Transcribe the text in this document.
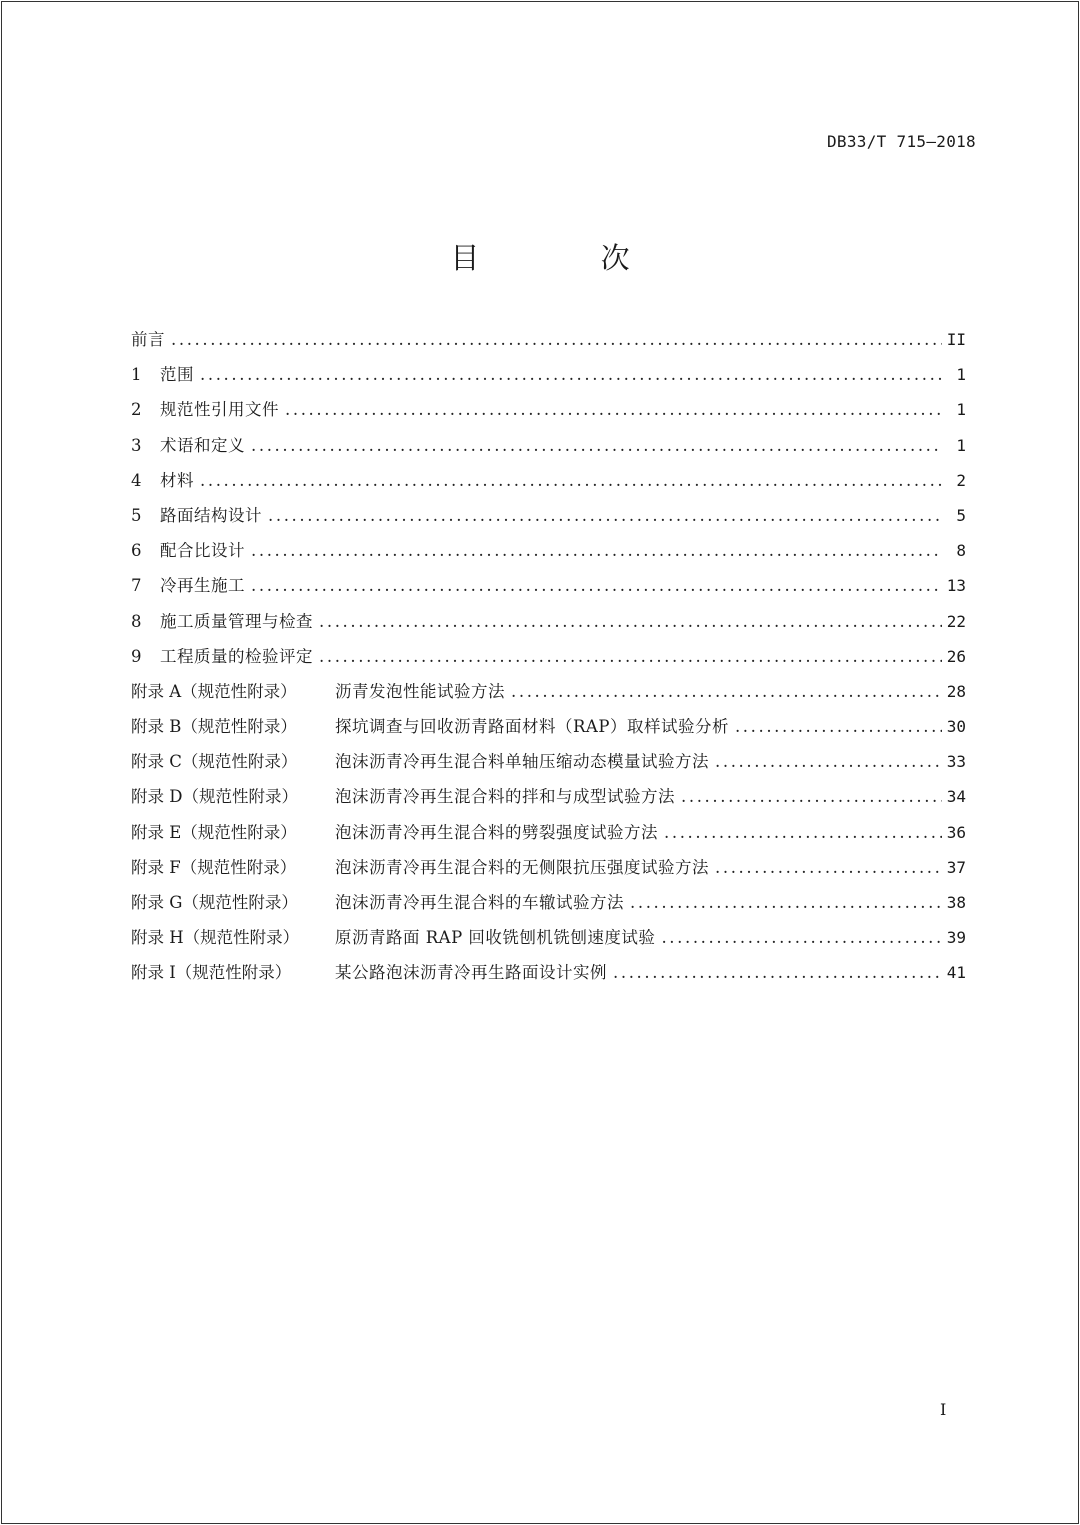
DB33/T 715—2018
目 次
前言 .....	II
1	范围 .....	1
2	规范性引用文件 .....	1
3	术语和定义 .....	1
4	材料 .....	2
5	路面结构设计 .....	5
6	配合比设计 .....	8
7	冷再生施工 .....	13
8	施工质量管理与检查 .....	22
9	工程质量的检验评定 .....	26
附录 A（规范性附录）	沥青发泡性能试验方法 .....	28
附录 B（规范性附录）	探坑调查与回收沥青路面材料（RAP）取样试验分析 .....	30
附录 C（规范性附录）	泡沫沥青冷再生混合料单轴压缩动态模量试验方法 .....	33
附录 D（规范性附录）	泡沫沥青冷再生混合料的拌和与成型试验方法 .....	34
附录 E（规范性附录）	泡沫沥青冷再生混合料的劈裂强度试验方法 .....	36
附录 F（规范性附录）	泡沫沥青冷再生混合料的无侧限抗压强度试验方法 .....	37
附录 G（规范性附录）	泡沫沥青冷再生混合料的车辙试验方法 .....	38
附录 H（规范性附录）	原沥青路面 RAP 回收铣刨机铣刨速度试验 .....	39
附录 I（规范性附录）	某公路泡沫沥青冷再生路面设计实例 .....	41
I
